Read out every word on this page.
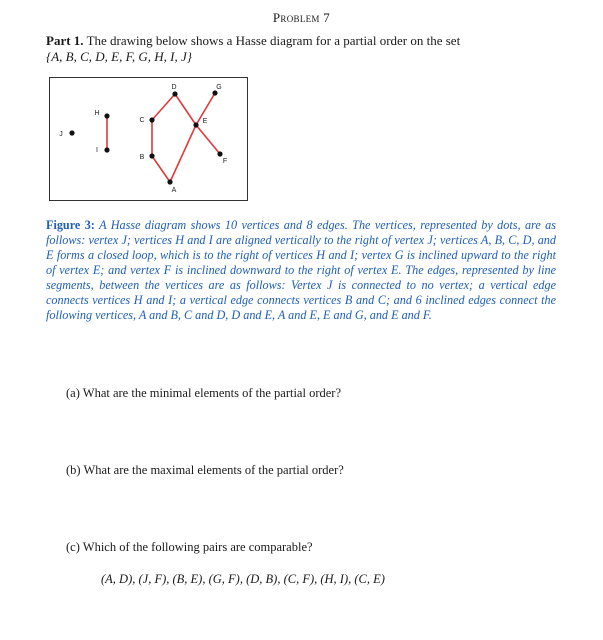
Problem 7
Part 1. The drawing below shows a Hasse diagram for a partial order on the set
{A, B, C, D, E, F, G, H, I, J}
J
H
I
C
B
D
A
E
G
F
Figure 3: A Hasse diagram shows 10 vertices and 8 edges. The vertices, represented by dots, are as follows: vertex J; vertices H and I are aligned vertically to the right of vertex J; vertices A, B, C, D, and E forms a closed loop, which is to the right of vertices H and I; vertex G is inclined upward to the right of vertex E; and vertex F is inclined downward to the right of vertex E. The edges, represented by line segments, between the vertices are as follows: Vertex J is connected to no vertex; a vertical edge connects vertices H and I; a vertical edge connects vertices B and C; and 6 inclined edges connect the following vertices, A and B, C and D, D and E, A and E, E and G, and E and F.
(a) What are the minimal elements of the partial order?
(b) What are the maximal elements of the partial order?
(c) Which of the following pairs are comparable?
(A, D), (J, F), (B, E), (G, F), (D, B), (C, F), (H, I), (C, E)
